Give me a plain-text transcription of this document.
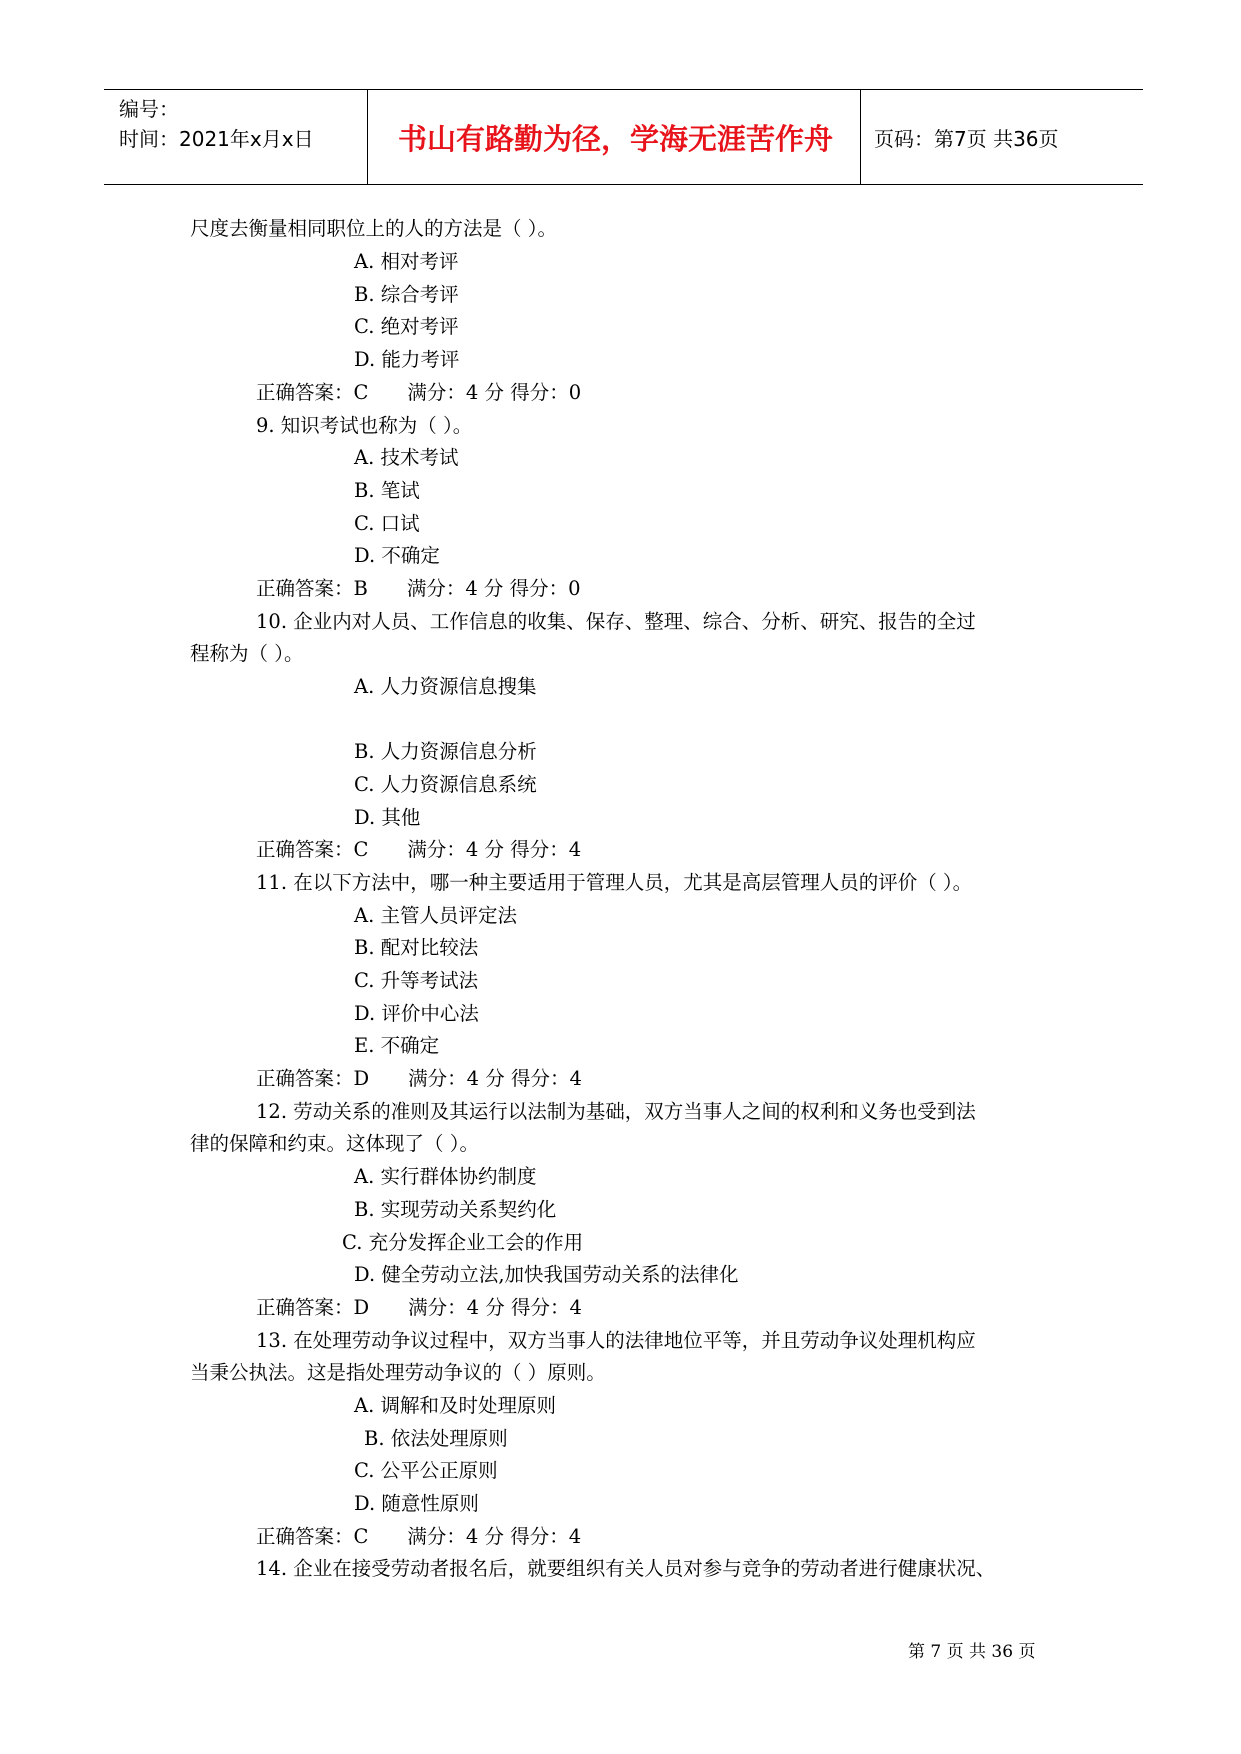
编号：
时间：2021年x月x日	书山有路勤为径，学海无涯苦作舟	页码：第7页 共36页
尺度去衡量相同职位上的人的方法是（ ）。
A. 相对考评
B. 综合考评
C. 绝对考评
D. 能力考评
正确答案：C　　满分：4 分 得分：0
9. 知识考试也称为（ ）。
A. 技术考试
B. 笔试
C. 口试
D. 不确定
正确答案：B　　满分：4 分 得分：0
10. 企业内对人员、工作信息的收集、保存、整理、综合、分析、研究、报告的全过
程称为（ ）。
A. 人力资源信息搜集
B. 人力资源信息分析
C. 人力资源信息系统
D. 其他
正确答案：C　　满分：4 分 得分：4
11. 在以下方法中，哪一种主要适用于管理人员，尤其是高层管理人员的评价（ ）。
A. 主管人员评定法
B. 配对比较法
C. 升等考试法
D. 评价中心法
E. 不确定
正确答案：D　　满分：4 分 得分：4
12. 劳动关系的准则及其运行以法制为基础，双方当事人之间的权利和义务也受到法
律的保障和约束。这体现了（ ）。
A. 实行群体协约制度
B. 实现劳动关系契约化
C. 充分发挥企业工会的作用
D. 健全劳动立法,加快我国劳动关系的法律化
正确答案：D　　满分：4 分 得分：4
13. 在处理劳动争议过程中，双方当事人的法律地位平等，并且劳动争议处理机构应
当秉公执法。这是指处理劳动争议的（ ）原则。
A. 调解和及时处理原则
B. 依法处理原则
C. 公平公正原则
D. 随意性原则
正确答案：C　　满分：4 分 得分：4
14. 企业在接受劳动者报名后，就要组织有关人员对参与竞争的劳动者进行健康状况、
第 7 页 共 36 页
